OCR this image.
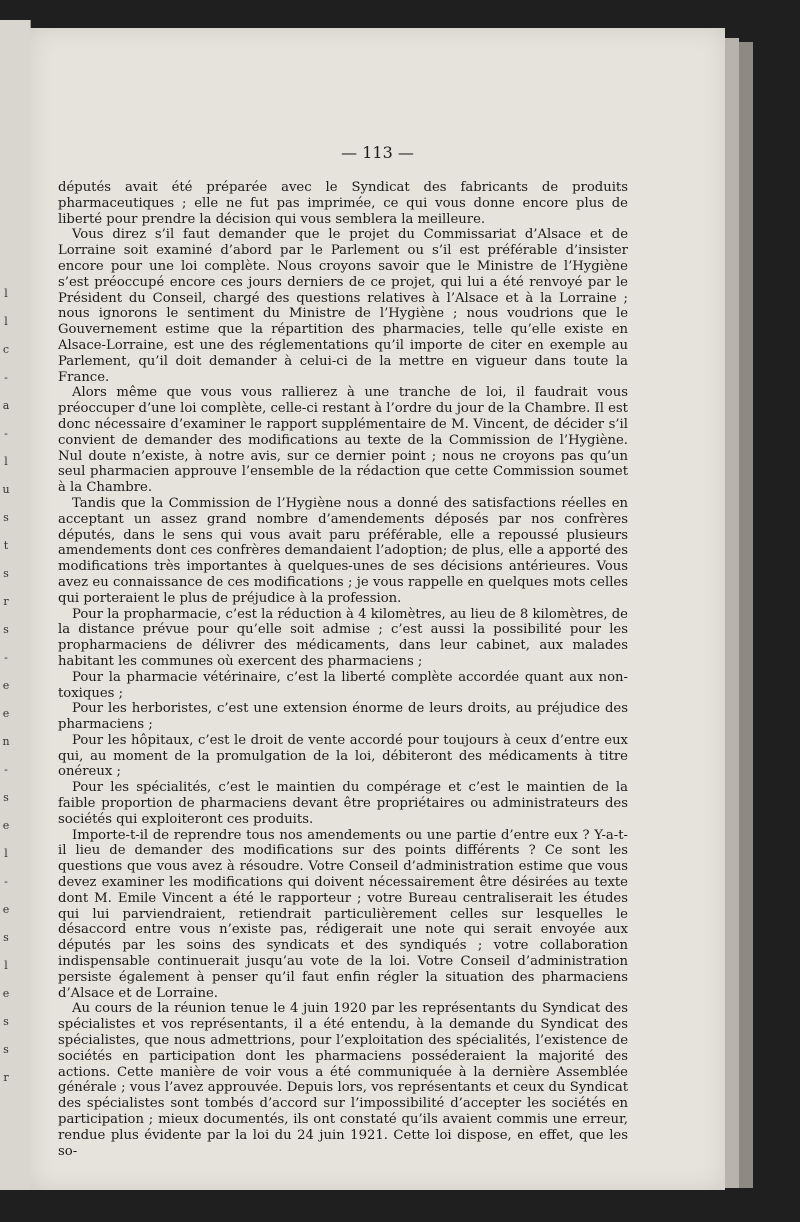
l
l
c
-
a
-
l
u
s
t
s
r
s
-
e
e
n
-
s
e
l
-
e
s
l
e
s
s
r
— 113 —

députés avait été préparée avec le Syndicat des fabricants de produits pharmaceutiques ; elle ne fut pas imprimée, ce qui vous donne encore plus de liberté pour prendre la décision qui vous semblera la meilleure.

Vous direz s’il faut demander que le projet du Commissariat d’Alsace et de Lorraine soit examiné d’abord par le Parlement ou s’il est préférable d’insister encore pour une loi complète. Nous croyons savoir que le Ministre de l’Hygiène s’est préoccupé encore ces jours derniers de ce projet, qui lui a été renvoyé par le Président du Conseil, chargé des questions relatives à l’Alsace et à la Lorraine ; nous ignorons le sentiment du Ministre de l’Hygiène ; nous voudrions que le Gouvernement estime que la répartition des pharmacies, telle qu’elle existe en Alsace-Lorraine, est une des réglementations qu’il importe de citer en exemple au Parlement, qu’il doit demander à celui-ci de la mettre en vigueur dans toute la France.

Alors même que vous vous rallierez à une tranche de loi, il faudrait vous préoccuper d’une loi complète, celle-ci restant à l’ordre du jour de la Chambre. Il est donc nécessaire d’examiner le rapport supplémentaire de M. Vincent, de décider s’il convient de demander des modifications au texte de la Commission de l’Hygiène. Nul doute n’existe, à notre avis, sur ce dernier point ; nous ne croyons pas qu’un seul pharmacien approuve l’ensemble de la rédaction que cette Commission soumet à la Chambre.

Tandis que la Commission de l’Hygiène nous a donné des satisfactions réelles en acceptant un assez grand nombre d’amendements déposés par nos confrères députés, dans le sens qui vous avait paru préférable, elle a repoussé plusieurs amendements dont ces confrères demandaient l’adoption; de plus, elle a apporté des modifications très importantes à quelques-unes de ses décisions antérieures. Vous avez eu connaissance de ces modifications ; je vous rappelle en quelques mots celles qui porteraient le plus de préjudice à la profession.

Pour la propharmacie, c’est la réduction à 4 kilomètres, au lieu de 8 kilomètres, de la distance prévue pour qu’elle soit admise ; c’est aussi la possibilité pour les propharmaciens de délivrer des médicaments, dans leur cabinet, aux malades habitant les communes où exercent des pharmaciens ;

Pour la pharmacie vétérinaire, c’est la liberté complète accordée quant aux non-toxiques ;

Pour les herboristes, c’est une extension énorme de leurs droits, au préjudice des pharmaciens ;

Pour les hôpitaux, c’est le droit de vente accordé pour toujours à ceux d’entre eux qui, au moment de la promulgation de la loi, débiteront des médicaments à titre onéreux ;

Pour les spécialités, c’est le maintien du compérage et c’est le maintien de la faible proportion de pharmaciens devant être propriétaires ou administrateurs des sociétés qui exploiteront ces produits.

Importe-t-il de reprendre tous nos amendements ou une partie d’entre eux ? Y-a-t-il lieu de demander des modifications sur des points différents ? Ce sont les questions que vous avez à résoudre. Votre Conseil d’administration estime que vous devez examiner les modifications qui doivent nécessairement être désirées au texte dont M. Emile Vincent a été le rapporteur ; votre Bureau centraliserait les études qui lui parviendraient, retiendrait particulièrement celles sur lesquelles le désaccord entre vous n’existe pas, rédigerait une note qui serait envoyée aux députés par les soins des syndicats et des syndiqués ; votre collaboration indispensable continuerait jusqu’au vote de la loi. Votre Conseil d’administration persiste également à penser qu’il faut enfin régler la situation des pharmaciens d’Alsace et de Lorraine.

Au cours de la réunion tenue le 4 juin 1920 par les représentants du Syndicat des spécialistes et vos représentants, il a été entendu, à la demande du Syndicat des spécialistes, que nous admettrions, pour l’exploitation des spécialités, l’existence de sociétés en participation dont les pharmaciens posséderaient la majorité des actions. Cette manière de voir vous a été communiquée à la dernière Assemblée générale ; vous l’avez approuvée. Depuis lors, vos représentants et ceux du Syndicat des spécialistes sont tombés d’accord sur l’impossibilité d’accepter les sociétés en participation ; mieux documentés, ils ont constaté qu’ils avaient commis une erreur, rendue plus évidente par la loi du 24 juin 1921. Cette loi dispose, en effet, que les so-
